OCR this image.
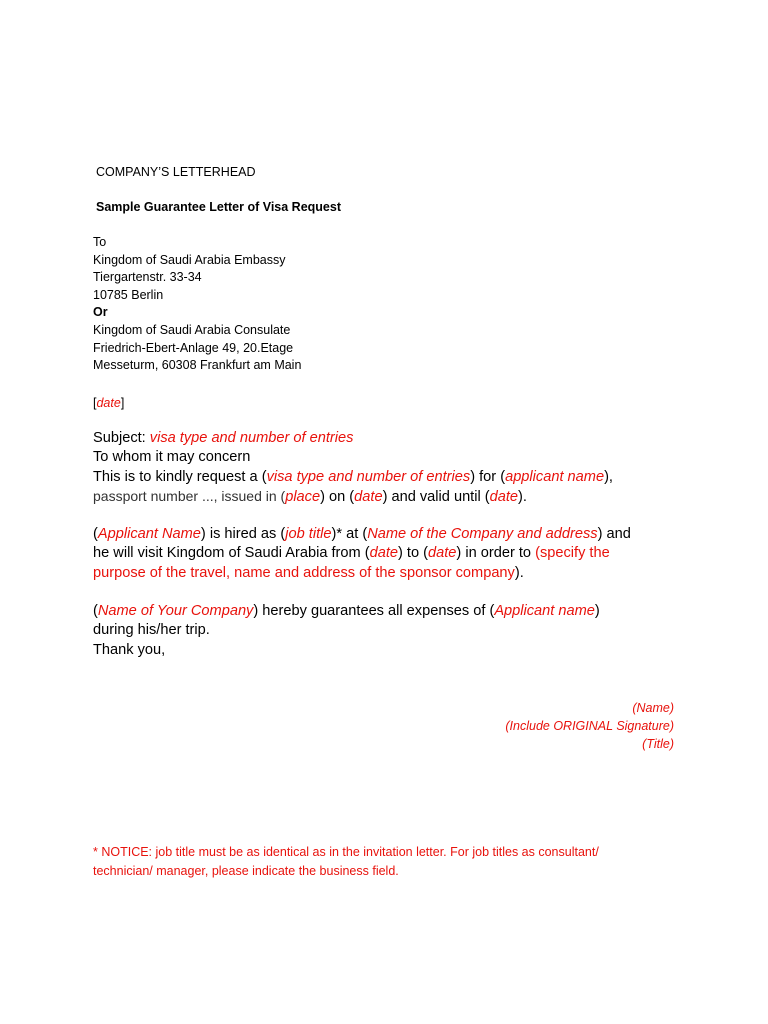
COMPANY’S LETTERHEAD
Sample Guarantee Letter of Visa Request
To
Kingdom of Saudi Arabia Embassy
Tiergartenstr. 33-34
10785 Berlin
Or
Kingdom of Saudi Arabia Consulate
Friedrich-Ebert-Anlage 49, 20.Etage
Messeturm, 60308 Frankfurt am Main
[date]
Subject: visa type and number of entries
To whom it may concern
This is to kindly request a (visa type and number of entries) for (applicant name),
passport number ..., issued in (place) on (date) and valid until (date).
(Applicant Name) is hired as (job title)* at (Name of the Company and address) and
he will visit Kingdom of Saudi Arabia from (date) to (date) in order to (specify the
purpose of the travel, name and address of the sponsor company).
(Name of Your Company) hereby guarantees all expenses of (Applicant name)
during his/her trip.
Thank you,
(Name)
(Include ORIGINAL Signature)
(Title)
* NOTICE: job title must be as identical as in the invitation letter. For job titles as consultant/
technician/ manager, please indicate the business field.
